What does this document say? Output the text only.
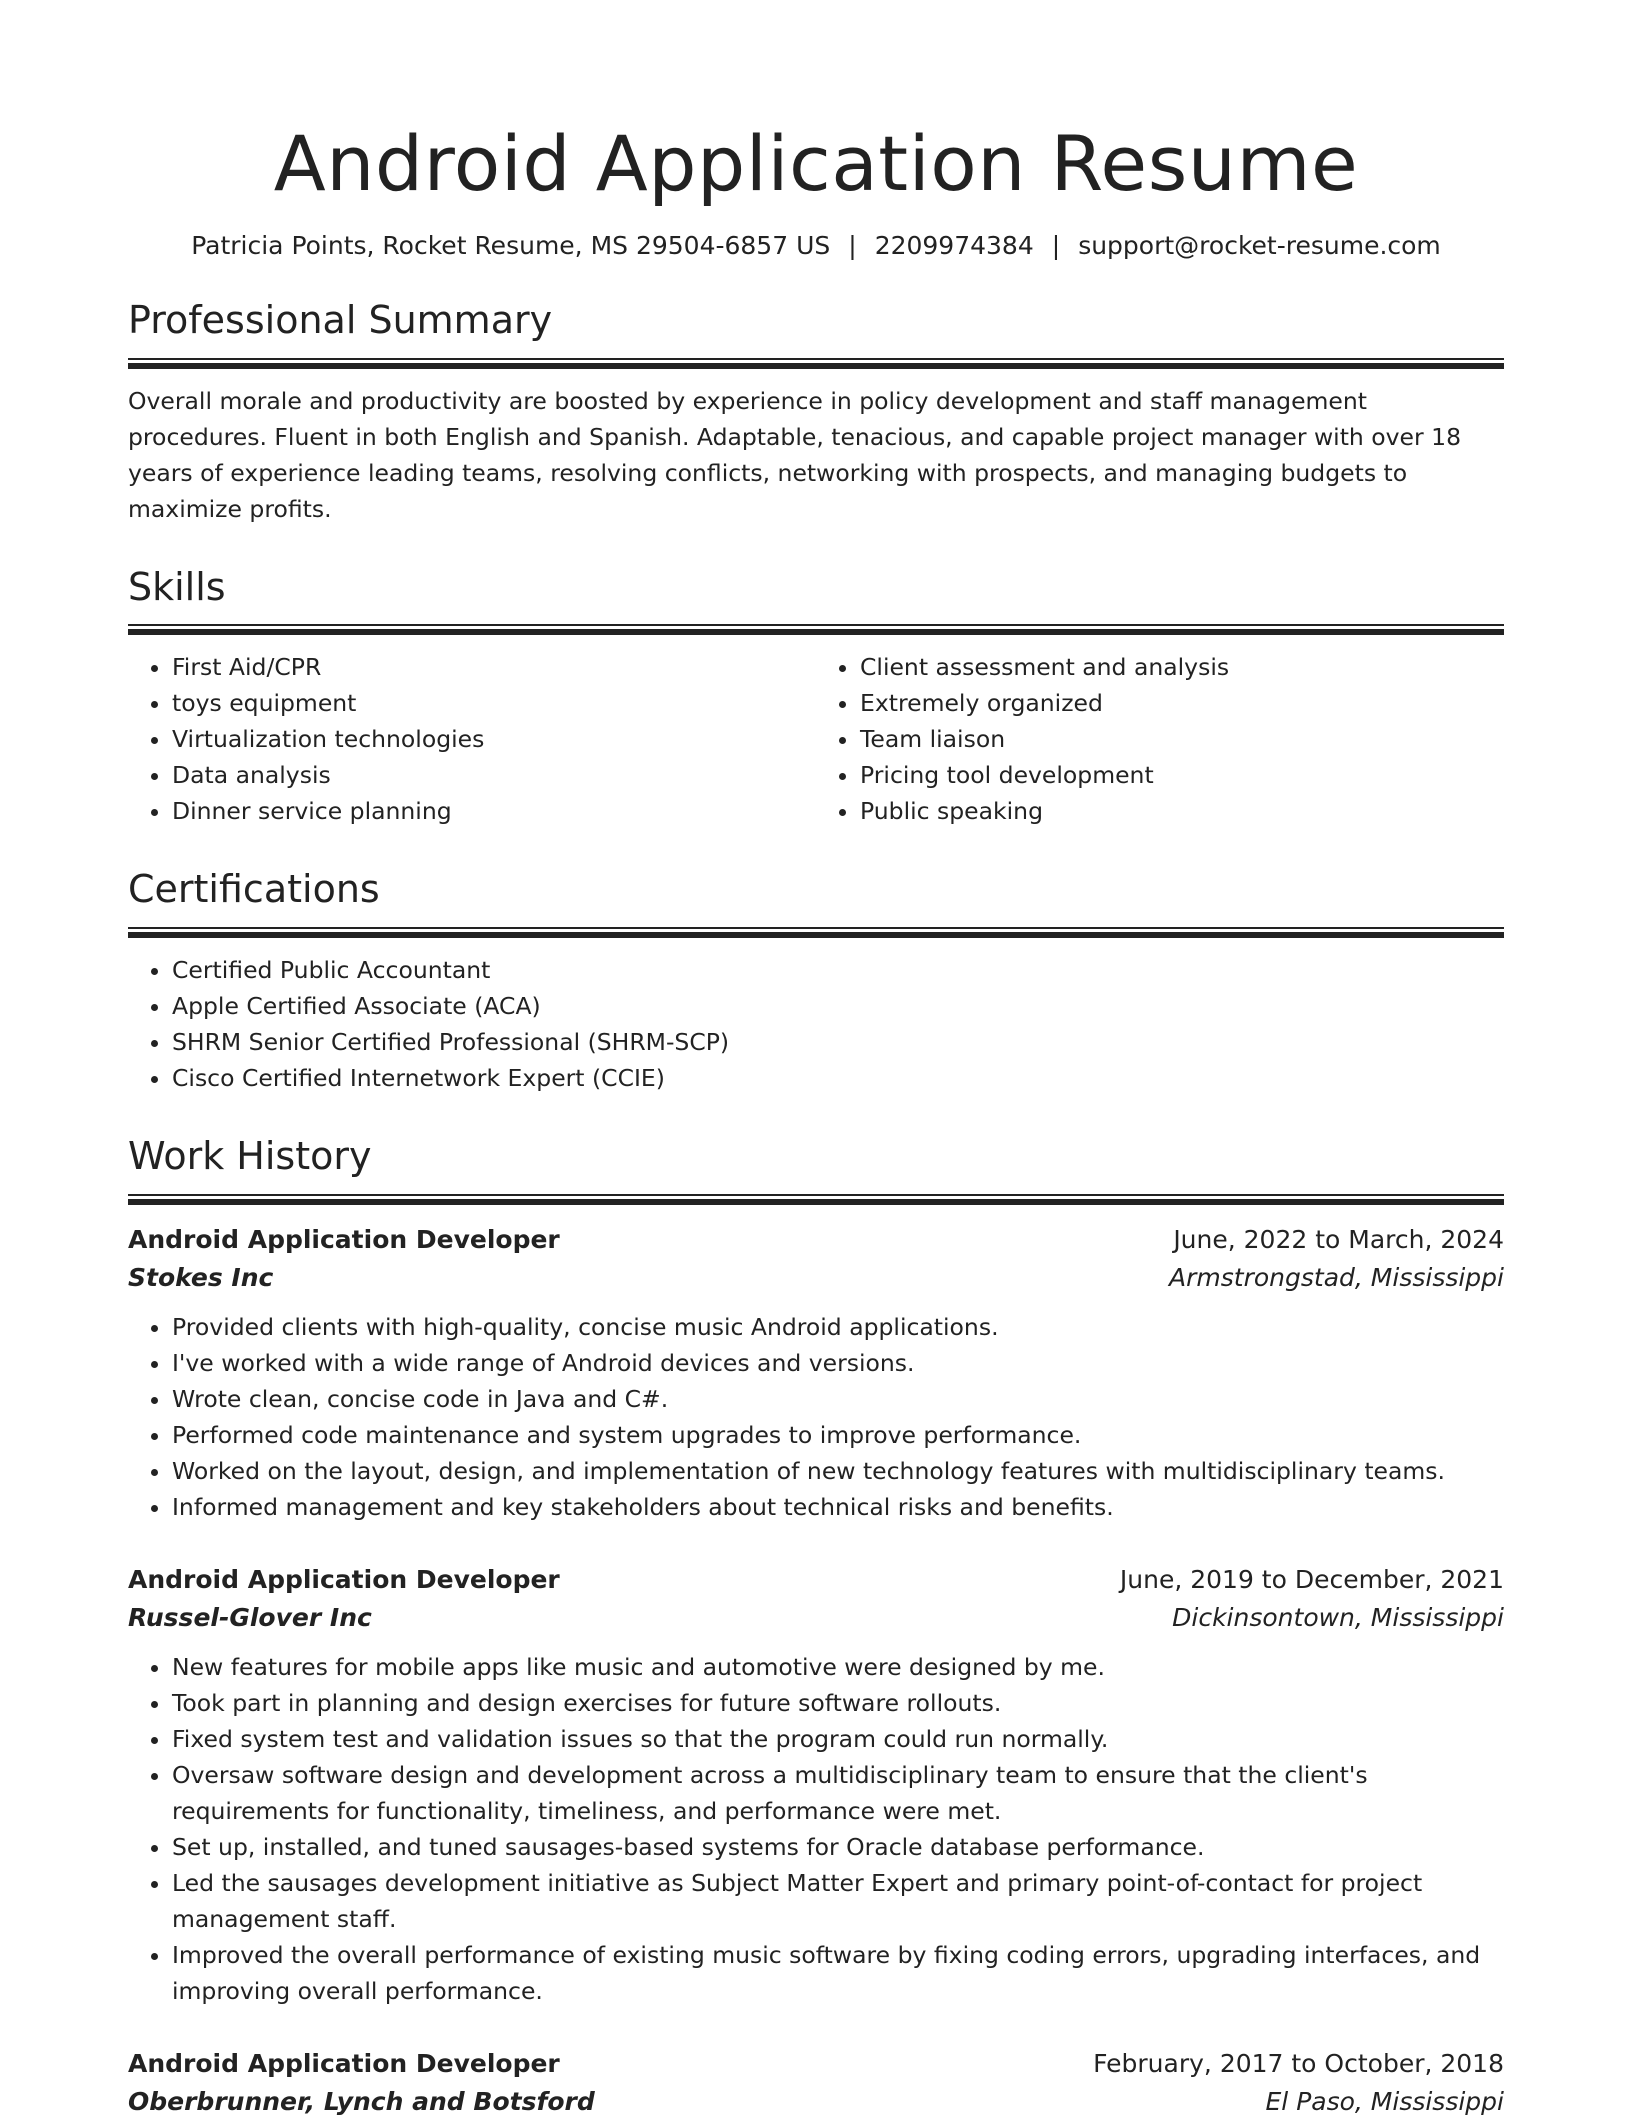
Android Application Resume
Patricia Points, Rocket Resume, MS 29504-6857 US | 2209974384 | support@rocket-resume.com
Professional Summary

Overall morale and productivity are boosted by experience in policy development and staff management procedures. Fluent in both English and Spanish. Adaptable, tenacious, and capable project manager with over 18 years of experience leading teams, resolving conflicts, networking with prospects, and managing budgets to maximize profits.

Skills
• First Aid/CPR
• toys equipment
• Virtualization technologies
• Data analysis
• Dinner service planning
• Client assessment and analysis
• Extremely organized
• Team liaison
• Pricing tool development
• Public speaking
Certifications
• Certified Public Accountant
• Apple Certified Associate (ACA)
• SHRM Senior Certified Professional (SHRM-SCP)
• Cisco Certified Internetwork Expert (CCIE)
Work History
Android Application Developer	June, 2022 to March, 2024
Stokes Inc	Armstrongstad, Mississippi
• Provided clients with high-quality, concise music Android applications.
• I've worked with a wide range of Android devices and versions.
• Wrote clean, concise code in Java and C#.
• Performed code maintenance and system upgrades to improve performance.
• Worked on the layout, design, and implementation of new technology features with multidisciplinary teams.
• Informed management and key stakeholders about technical risks and benefits.
Android Application Developer	June, 2019 to December, 2021
Russel-Glover Inc	Dickinsontown, Mississippi
• New features for mobile apps like music and automotive were designed by me.
• Took part in planning and design exercises for future software rollouts.
• Fixed system test and validation issues so that the program could run normally.
• Oversaw software design and development across a multidisciplinary team to ensure that the client's requirements for functionality, timeliness, and performance were met.
• Set up, installed, and tuned sausages-based systems for Oracle database performance.
• Led the sausages development initiative as Subject Matter Expert and primary point-of-contact for project management staff.
• Improved the overall performance of existing music software by fixing coding errors, upgrading interfaces, and improving overall performance.
Android Application Developer	February, 2017 to October, 2018
Oberbrunner, Lynch and Botsford	El Paso, Mississippi
